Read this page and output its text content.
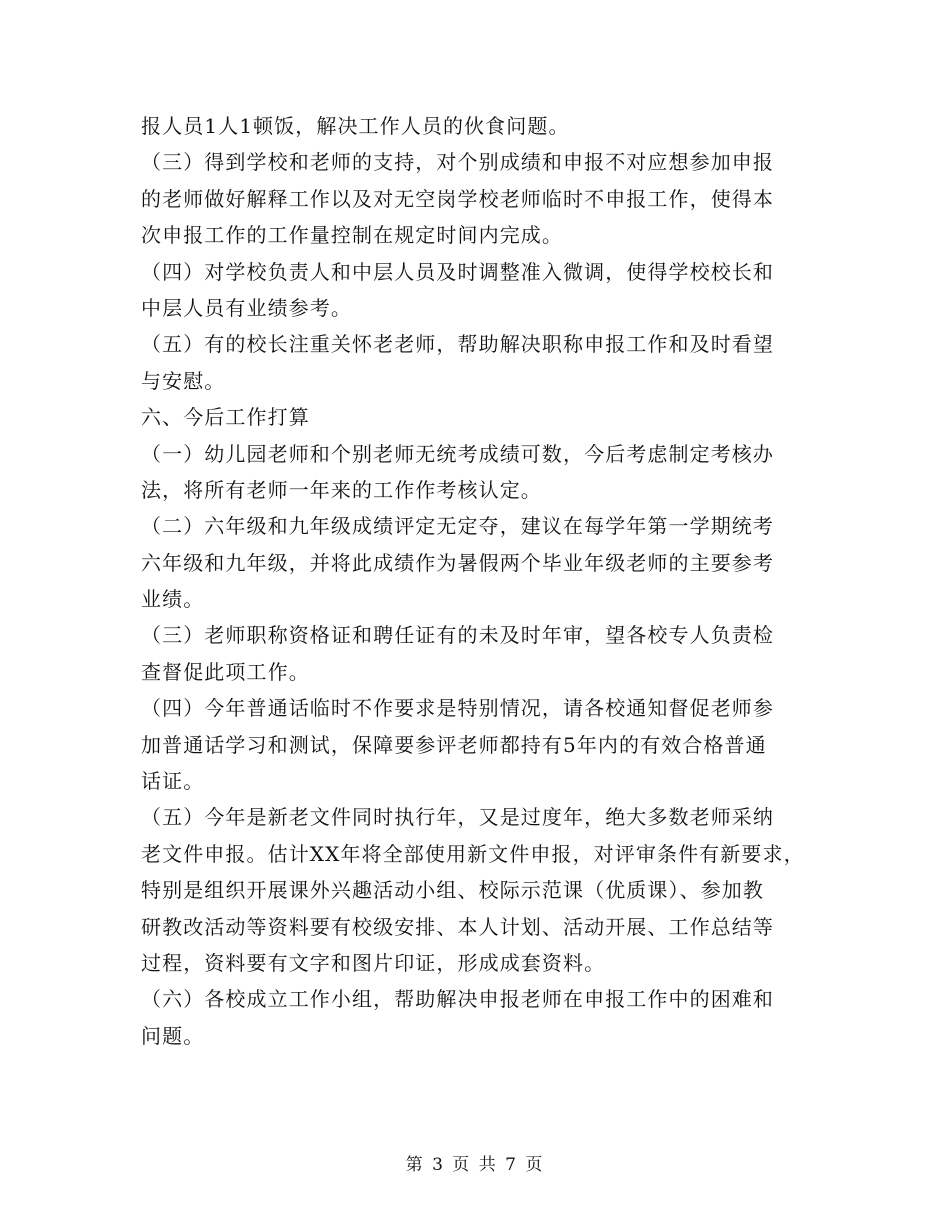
报人员1人1顿饭，解决工作人员的伙食问题。
（三）得到学校和老师的支持，对个别成绩和申报不对应想参加申报
的老师做好解释工作以及对无空岗学校老师临时不申报工作，使得本
次申报工作的工作量控制在规定时间内完成。
（四）对学校负责人和中层人员及时调整准入微调，使得学校校长和
中层人员有业绩参考。
（五）有的校长注重关怀老老师，帮助解决职称申报工作和及时看望
与安慰。
六、今后工作打算
（一）幼儿园老师和个别老师无统考成绩可数，今后考虑制定考核办
法，将所有老师一年来的工作作考核认定。
（二）六年级和九年级成绩评定无定夺，建议在每学年第一学期统考
六年级和九年级，并将此成绩作为暑假两个毕业年级老师的主要参考
业绩。
（三）老师职称资格证和聘任证有的未及时年审，望各校专人负责检
查督促此项工作。
（四）今年普通话临时不作要求是特别情况，请各校通知督促老师参
加普通话学习和测试，保障要参评老师都持有5年内的有效合格普通
话证。
（五）今年是新老文件同时执行年，又是过度年，绝大多数老师采纳
老文件申报。估计XX年将全部使用新文件申报，对评审条件有新要求，
特别是组织开展课外兴趣活动小组、校际示范课（优质课）、参加教
研教改活动等资料要有校级安排、本人计划、活动开展、工作总结等
过程，资料要有文字和图片印证，形成成套资料。
（六）各校成立工作小组，帮助解决申报老师在申报工作中的困难和
问题。
第 3 页 共 7 页
